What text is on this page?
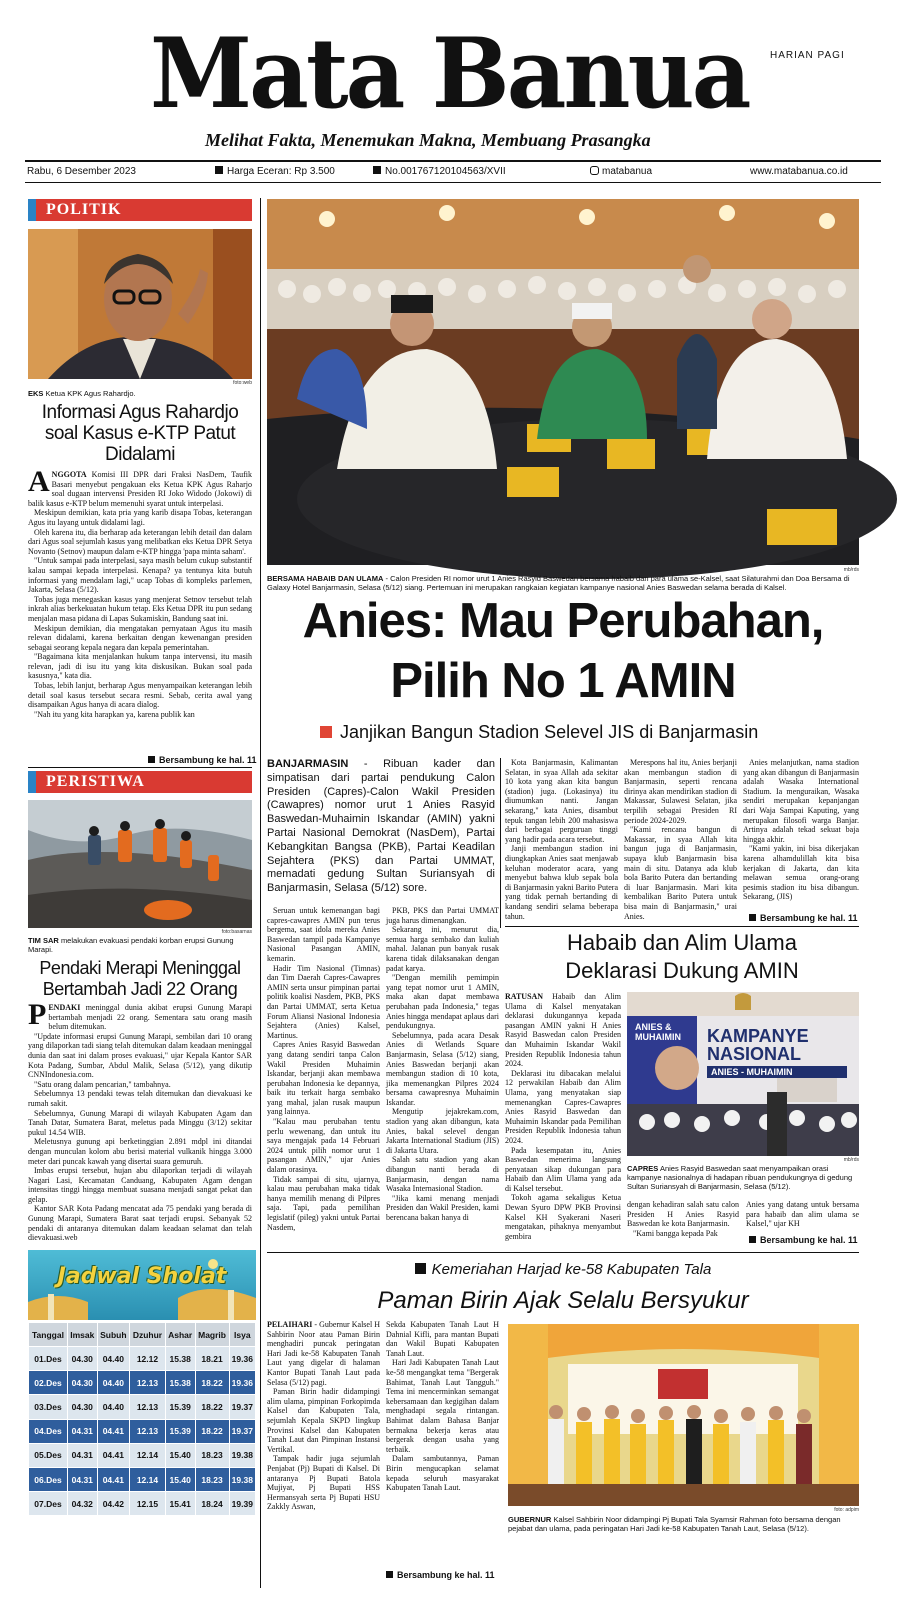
Mata Banua HARIAN PAGI
Melihat Fakta, Menemukan Makna, Membuang Prasangka
Rabu, 6 Desember 2023	Harga Eceran: Rp 3.500	No.001767120104563/XVII	matabanua	www.matabanua.co.id
POLITIK
foto:web
EKS Ketua KPK Agus Rahardjo.
Informasi Agus Rahardjo soal Kasus e-KTP Patut Didalami

ANGGOTA Komisi III DPR dari Fraksi NasDem, Taufik Basari menyebut pengakuan eks Ketua KPK Agus Raharjo soal dugaan intervensi Presiden RI Joko Widodo (Jokowi) di balik kasus e-KTP belum memenuhi syarat untuk interpelasi.

Meskipun demikian, kata pria yang karib disapa Tobas, keterangan Agus itu layang untuk didalami lagi.

Oleh karena itu, dia berharap ada keterangan lebih detail dan dalam dari Agus soal sejumlah kasus yang melibatkan eks Ketua DPR Setya Novanto (Setnov) maupun dalam e-KTP hingga 'papa minta saham'.

"Untuk sampai pada interpelasi, saya masih belum cukup substantif kalau sampai kepada interpelasi. Kenapa? ya tentunya kita butuh informasi yang mendalam lagi," ucap Tobas di kompleks parlemen, Jakarta, Selasa (5/12).

Tobas juga menegaskan kasus yang menjerat Setnov tersebut telah inkrah alias berkekuatan hukum tetap. Eks Ketua DPR itu pun sedang menjalan masa pidana di Lapas Sukamiskin, Bandung saat ini.

Meskipun demikian, dia mengatakan pernyataan Agus itu masih relevan didalami, karena berkaitan dengan kewenangan presiden sebagai seorang kepala negara dan kepala pemerintahan.

"Bagaimana kita menjalankan hukum tanpa intervensi, itu masih relevan, jadi di isu itu yang kita diskusikan. Bukan soal pada kasusnya," kata dia.

Tobas, lebih lanjut, berharap Agus menyampaikan keterangan lebih detail soal kasus tersebut secara resmi. Sebab, cerita awal yang disampaikan Agus hanya di acara dialog.

"Nah itu yang kita harapkan ya, karena publik kan

Bersambung ke hal. 11
PERISTIWA
foto:basarnas
TIM SAR melakukan evakuasi pendaki korban erupsi Gunung Marapi.
Pendaki Merapi Meninggal Bertambah Jadi 22 Orang

PENDAKI meninggal dunia akibat erupsi Gunung Marapi bertambah menjadi 22 orang. Sementara satu orang masih belum ditemukan.

"Update informasi erupsi Gunung Marapi, sembilan dari 10 orang yang dilaporkan tadi siang telah ditemukan dalam keadaan meninggal dunia dan saat ini dalam proses evakuasi," ujar Kepala Kantor SAR Kota Padang, Sumbar, Abdul Malik, Selasa (5/12), yang dikutip CNNIndonesia.com.

"Satu orang dalam pencarian," tambahnya.

Sebelumnya 13 pendaki tewas telah ditemukan dan dievakuasi ke rumah sakit.

Sebelumnya, Gunung Marapi di wilayah Kabupaten Agam dan Tanah Datar, Sumatera Barat, meletus pada Minggu (3/12) sekitar pukul 14.54 WIB.

Meletusnya gunung api berketinggian 2.891 mdpl ini ditandai dengan munculan kolom abu berisi material vulkanik hingga 3.000 meter dari puncak kawah yang disertai suara gemuruh.

Imbas erupsi tersebut, hujan abu dilaporkan terjadi di wilayah Nagari Lasi, Kecamatan Canduang, Kabupaten Agam dengan intensitas tinggi hingga membuat suasana menjadi sangat pekat dan gelap.

Kantor SAR Kota Padang mencatat ada 75 pendaki yang berada di Gunung Marapi, Sumatera Barat saat terjadi erupsi. Sebanyak 52 pendaki di antaranya ditemukan dalam keadaan selamat dan telah dievakuasi.web

Jadwal Sholat
Tanggal	Imsak	Subuh	Dzuhur	Ashar	Magrib	Isya
01.Des	04.30	04.40	12.12	15.38	18.21	19.36
02.Des	04.30	04.40	12.13	15.38	18.22	19.36
03.Des	04.30	04.40	12.13	15.39	18.22	19.37
04.Des	04.31	04.41	12.13	15.39	18.22	19.37
05.Des	04.31	04.41	12.14	15.40	18.23	19.38
06.Des	04.31	04.41	12.14	15.40	18.23	19.38
07.Des	04.32	04.42	12.15	15.41	18.24	19.39
mb/rds
BERSAMA HABAIB DAN ULAMA - Calon Presiden RI nomor urut 1 Anies Rasyid Baswedan bersama habaib dan para ulama se-Kalsel, saat Silaturahmi dan Doa Bersama di Galaxy Hotel Banjarmasin, Selasa (5/12) siang. Pertemuan ini merupakan rangkaian kegiatan kampanye nasional Anies Baswedan selama berada di Kalsel.
Anies: Mau Perubahan,
Pilih No 1 AMIN
Janjikan Bangun Stadion Selevel JIS di Banjarmasin
BANJARMASIN - Ribuan kader dan simpatisan dari partai pendukung Calon Presiden (Capres)-Calon Wakil Presiden (Cawapres) nomor urut 1 Anies Rasyid Baswedan-Muhaimin Iskandar (AMIN) yakni Partai Nasional Demokrat (NasDem), Partai Kebangkitan Bangsa (PKB), Partai Keadilan Sejahtera (PKS) dan Partai UMMAT, memadati gedung Sultan Suriansyah di Banjarmasin, Selasa (5/12) sore.

Seruan untuk kemenangan bagi capres-cawapres AMIN pun terus bergema, saat idola mereka Anies Baswedan tampil pada Kampanye Nasional Pasangan AMIN, kemarin.

Hadir Tim Nasional (Timnas) dan Tim Daerah Capres-Cawapres AMIN serta unsur pimpinan partai politik koalisi Nasdem, PKB, PKS dan Partai UMMAT, serta Ketua Forum Aliansi Nasional Indonesia Sejahtera (Anies) Kalsel, Martinus.

Capres Anies Rasyid Baswedan yang datang sendiri tanpa Calon Wakil Presiden Muhaimin Iskandar, berjanji akan membawa perubahan Indonesia ke depannya, baik itu terkait harga sembako yang mahal, jalan rusak maupun yang lainnya.

"Kalau mau perubahan tentu perlu wewenang, dan untuk itu saya mengajak pada 14 Februari 2024 untuk pilih nomor urut 1 pasangan AMIN," ujar Anies dalam orasinya.

Tidak sampai di situ, ujarnya, kalau mau perubahan maka tidak hanya memilih menang di Pilpres saja. Tapi, pada pemilihan legislatif (pileg) yakni untuk Partai Nasdem,

PKB, PKS dan Partai UMMAT juga harus dimenangkan.

Sekarang ini, menurut dia, semua harga sembako dan kuliah mahal. Jalanan pun banyak rusak karena tidak dilaksanakan dengan padat karya.

"Dengan memilih pemimpin yang tepat nomor urut 1 AMIN, maka akan dapat membawa perubahan pada Indonesia," tegas Anies hingga mendapat aplaus dari pendukungnya.

Sebelumnya, pada acara Desak Anies di Wetlands Square Banjarmasin, Selasa (5/12) siang, Anies Baswedan berjanji akan membangun stadion di 10 kota, jika memenangkan Pilpres 2024 bersama cawapresnya Muhaimin Iskandar.

Mengutip jejakrekam.com, stadion yang akan dibangun, kata Anies, bakal selevel dengan Jakarta International Stadium (JIS) di Jakarta Utara.

Salah satu stadion yang akan dibangun nanti berada di Banjarmasin, dengan nama Wasaka Internasional Stadion.

"Jika kami menang menjadi Presiden dan Wakil Presiden, kami berencana bakan hanya di

Kota Banjarmasin, Kalimantan Selatan, in syaa Allah ada sekitar 10 kota yang akan kita bangun (stadion) juga. (Lokasinya) itu diumumkan nanti. Jangan sekarang," kata Anies, disambut tepuk tangan lebih 200 mahasiswa dari berbagai perguruan tinggi yang hadir pada acara tersebut.

Janji membangun stadion ini diungkapkan Anies saat menjawab keluhan moderator acara, yang menyebut bahwa klub sepak bola di Banjarmasin yakni Barito Putera yang tidak pernah bertanding di kandang sendiri selama beberapa tahun.

Merespons hal itu, Anies berjanji akan membangun stadion di Banjarmasin, seperti rencana dirinya akan mendirikan stadion di Makassar, Sulawesi Selatan, jika terpilih sebagai Presiden RI periode 2024-2029.

"Kami rencana bangun di Makassar, in syaa Allah kita bangun juga di Banjarmasin, supaya klub Banjarmasin bisa main di situ. Datanya ada klub bola Barito Putera dan bertanding di luar Banjarmasin. Mari kita kembalikan Barito Putera untuk bisa main di Banjarmasin," urai Anies.

Anies melanjutkan, nama stadion yang akan dibangun di Banjarmasin adalah Wasaka International Stadium. Ia menguraikan, Wasaka sendiri merupakan kepanjangan dari Waja Sampai Kaputing, yang merupakan filosofi warga Banjar. Artinya adalah tekad sekuat baja hingga akhir.

"Kami yakin, ini bisa dikerjakan karena alhamdulillah kita bisa kerjakan di Jakarta, dan kita melawan semua orang-orang pesimis stadion itu bisa dibangun. Sekarang, (JIS)

Bersambung ke hal. 11
Habaib dan Alim Ulama
Deklarasi Dukung AMIN

RATUSAN Habaib dan Alim Ulama di Kalsel menyatakan deklarasi dukungannya kepada pasangan AMIN yakni H Anies Rasyid Baswedan calon Presiden dan Muhaimin Iskandar Wakil Presiden Republik Indonesia tahun 2024.

Deklarasi itu dibacakan melalui 12 perwakilan Habaib dan Alim Ulama, yang menyatakan siap memenangkan Capres-Cawapres Anies Rasyid Baswedan dan Muhaimin Iskandar pada Pemilihan Presiden Republik Indonesia tahun 2024.

Pada kesempatan itu, Anies Baswedan menerima langsung penyataan sikap dukungan para Habaib dan Alim Ulama yang ada di Kalsel tersebut.

Tokoh agama sekaligus Ketua Dewan Syuro DPW PKB Provinsi Kalsel KH Syakerani Naseri mengatakan, pihaknya menyambut gembira

ANIES & MUHAIMIN	KAMPANYE
NASIONAL
ANIES - MUHAIMIN
mb/rds
CAPRES Anies Rasyid Baswedan saat menyampaikan orasi kampanye nasionalnya di hadapan ribuan pendukungnya di gedung Sultan Suriansyah di Banjarmasin, Selasa (5/12).

dengan kehadiran salah satu calon Presiden H Anies Rasyid Baswedan ke kota Banjarmasin.

"Kami bangga kepada Pak

Anies yang datang untuk bersama para habaib dan alim ulama se Kalsel," ujar KH

Bersambung ke hal. 11
Kemeriahan Harjad ke-58 Kabupaten Tala
Paman Birin Ajak Selalu Bersyukur

PELAIHARI - Gubernur Kalsel H Sahbirin Noor atau Paman Birin menghadiri puncak peringatan Hari Jadi ke-58 Kabupaten Tanah Laut yang digelar di halaman Kantor Bupati Tanah Laut pada Selasa (5/12) pagi.

Paman Birin hadir didampingi alim ulama, pimpinan Forkopimda Kalsel dan Kabupaten Tala, sejumlah Kepala SKPD lingkup Provinsi Kalsel dan Kabupaten Tanah Laut dan Pimpinan Instansi Vertikal.

Tampak hadir juga sejumlah Penjabat (Pj) Bupati di Kalsel. Di antaranya Pj Bupati Batola Mujiyat, Pj Bupati HSS Hermansyah serta Pj Bupati HSU Zakkly Aswan,

Sekda Kabupaten Tanah Laut H Dahnial Kifli, para mantan Bupati dan Wakil Bupati Kabupaten Tanah Laut.

Hari Jadi Kabupaten Tanah Laut ke-58 mengangkat tema "Bergerak Bahimat, Tanah Laut Tangguh." Tema ini mencerminkan semangat kebersamaan dan kegigihan dalam menghadapi segala rintangan. Bahimat dalam Bahasa Banjar bermakna bekerja keras atau bergerak dengan usaha yang terbaik.

Dalam sambutannya, Paman Birin mengucapkan selamat kepada seluruh masyarakat Kabupaten Tanah Laut.

Bersambung ke hal. 11
foto: adpim
GUBERNUR Kalsel Sahbirin Noor didampingi Pj Bupati Tala Syamsir Rahman foto bersama dengan pejabat dan ulama, pada peringatan Hari Jadi ke-58 Kabupaten Tanah Laut, Selasa (5/12).
